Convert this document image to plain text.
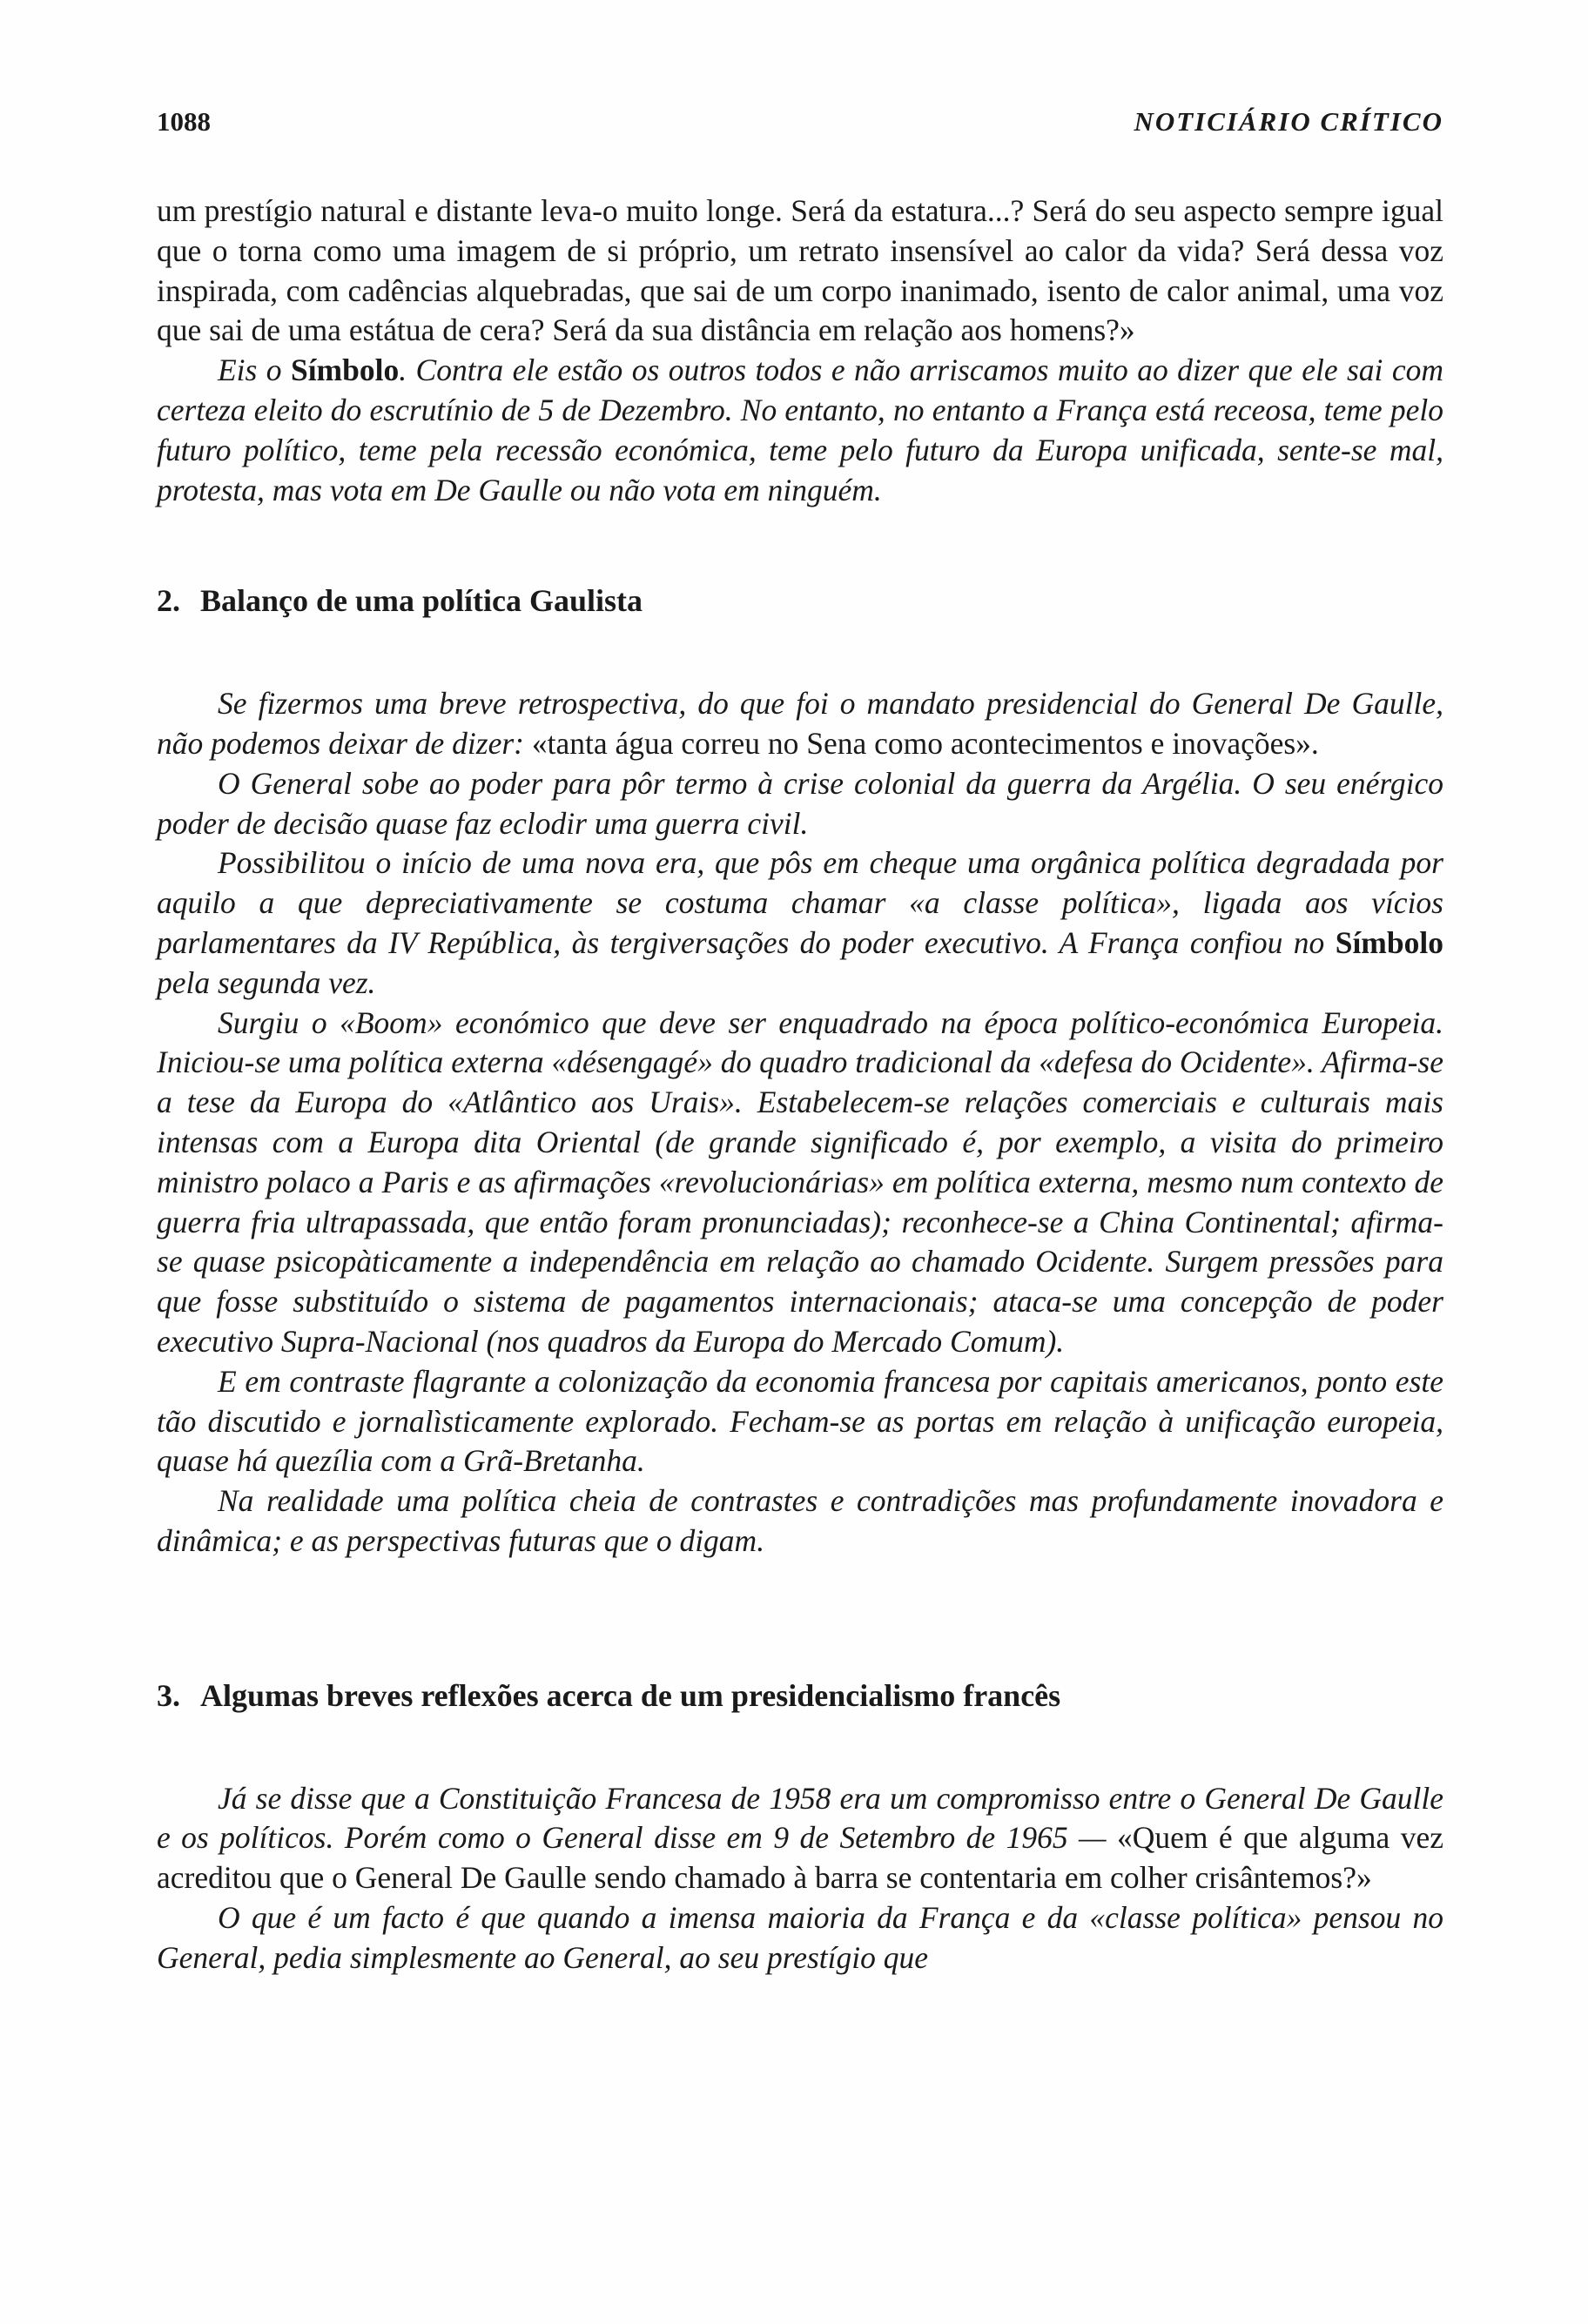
1088	NOTICIÁRIO CRÍTICO

um prestígio natural e distante leva-o muito longe. Será da estatura...? Será do seu aspecto sempre igual que o torna como uma imagem de si próprio, um retrato insensível ao calor da vida? Será dessa voz inspirada, com cadências alquebradas, que sai de um corpo inanimado, isento de calor animal, uma voz que sai de uma estátua de cera? Será da sua distância em relação aos homens?»

Eis o Símbolo. Contra ele estão os outros todos e não arriscamos muito ao dizer que ele sai com certeza eleito do escrutínio de 5 de Dezembro. No entanto, no entanto a França está receosa, teme pelo futuro político, teme pela recessão económica, teme pelo futuro da Europa unificada, sente-se mal, protesta, mas vota em De Gaulle ou não vota em ninguém.

2. Balanço de uma política Gaulista

Se fizermos uma breve retrospectiva, do que foi o mandato presidencial do General De Gaulle, não podemos deixar de dizer: «tanta água correu no Sena como acontecimentos e inovações».

O General sobe ao poder para pôr termo à crise colonial da guerra da Argélia. O seu enérgico poder de decisão quase faz eclodir uma guerra civil.

Possibilitou o início de uma nova era, que pôs em cheque uma orgânica política degradada por aquilo a que depreciativamente se costuma chamar «a classe política», ligada aos vícios parlamentares da IV República, às tergiversações do poder executivo. A França confiou no Símbolo pela segunda vez.

Surgiu o «Boom» económico que deve ser enquadrado na época político-económica Europeia. Iniciou-se uma política externa «désengagé» do quadro tradicional da «defesa do Ocidente». Afirma-se a tese da Europa do «Atlântico aos Urais». Estabelecem-se relações comerciais e culturais mais intensas com a Europa dita Oriental (de grande significado é, por exemplo, a visita do primeiro ministro polaco a Paris e as afirmações «revolucionárias» em política externa, mesmo num contexto de guerra fria ultrapassada, que então foram pronunciadas); reconhece-se a China Continental; afirma-se quase psicopàticamente a independência em relação ao chamado Ocidente. Surgem pressões para que fosse substituído o sistema de pagamentos internacionais; ataca-se uma concepção de poder executivo Supra-Nacional (nos quadros da Europa do Mercado Comum).

E em contraste flagrante a colonização da economia francesa por capitais americanos, ponto este tão discutido e jornalìsticamente explorado. Fecham-se as portas em relação à unificação europeia, quase há quezília com a Grã-Bretanha.

Na realidade uma política cheia de contrastes e contradições mas profundamente inovadora e dinâmica; e as perspectivas futuras que o digam.

3. Algumas breves reflexões acerca de um presidencialismo francês

Já se disse que a Constituição Francesa de 1958 era um compromisso entre o General De Gaulle e os políticos. Porém como o General disse em 9 de Setembro de 1965 — «Quem é que alguma vez acreditou que o General De Gaulle sendo chamado à barra se contentaria em colher crisântemos?»

O que é um facto é que quando a imensa maioria da França e da «classe política» pensou no General, pedia simplesmente ao General, ao seu prestígio que
